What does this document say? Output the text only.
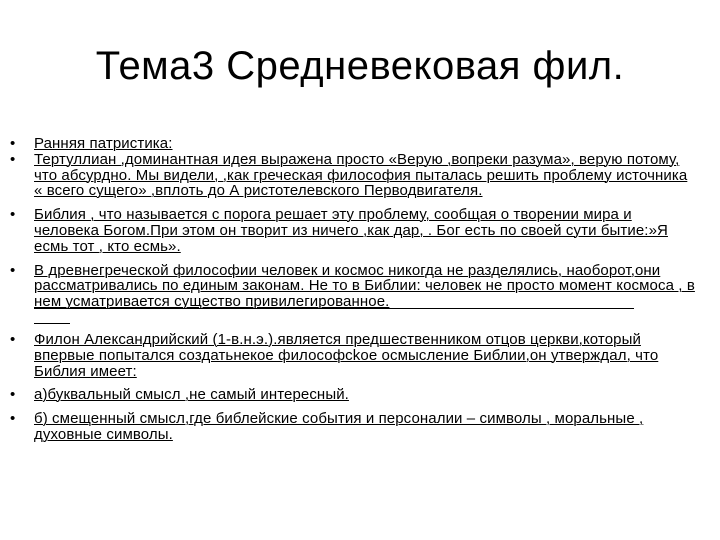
Тема3 Средневековая фил.
• Ранняя патристика:
• Тертуллиан ,доминантная идея выражена просто «Верую ,вопреки разума», верую потому, что абсурдно. Мы видели, ,как греческая философия пыталась решить проблему источника « всего сущего» ,вплоть до А ристотелевского Перводвигателя.
• Библия , что называется с порога решает эту проблему, сообщая о творении мира и человека Богом.При этом он творит из ничего ,как дар, . Бог есть по своей сути бытие:»Я есмь тот , кто есмь».
• В древнегреческой философии человек и космос никогда не разделялись, наоборот,они рассматривались по единым законам. Не то в Библии: человек не просто момент космоса , в нем усматривается существо привилегированное.
• Филон Александрийский (1-в.н.э.).является предшественником отцов церкви,который впервые попытался создатьнекое философсkое осмысление Библии,он утверждал, что Библия имеет:
• а)буквальный смысл ,не самый интересный.
• б) смещенный смысл,где библейские события и персоналии – символы , моральные , духовные символы.
